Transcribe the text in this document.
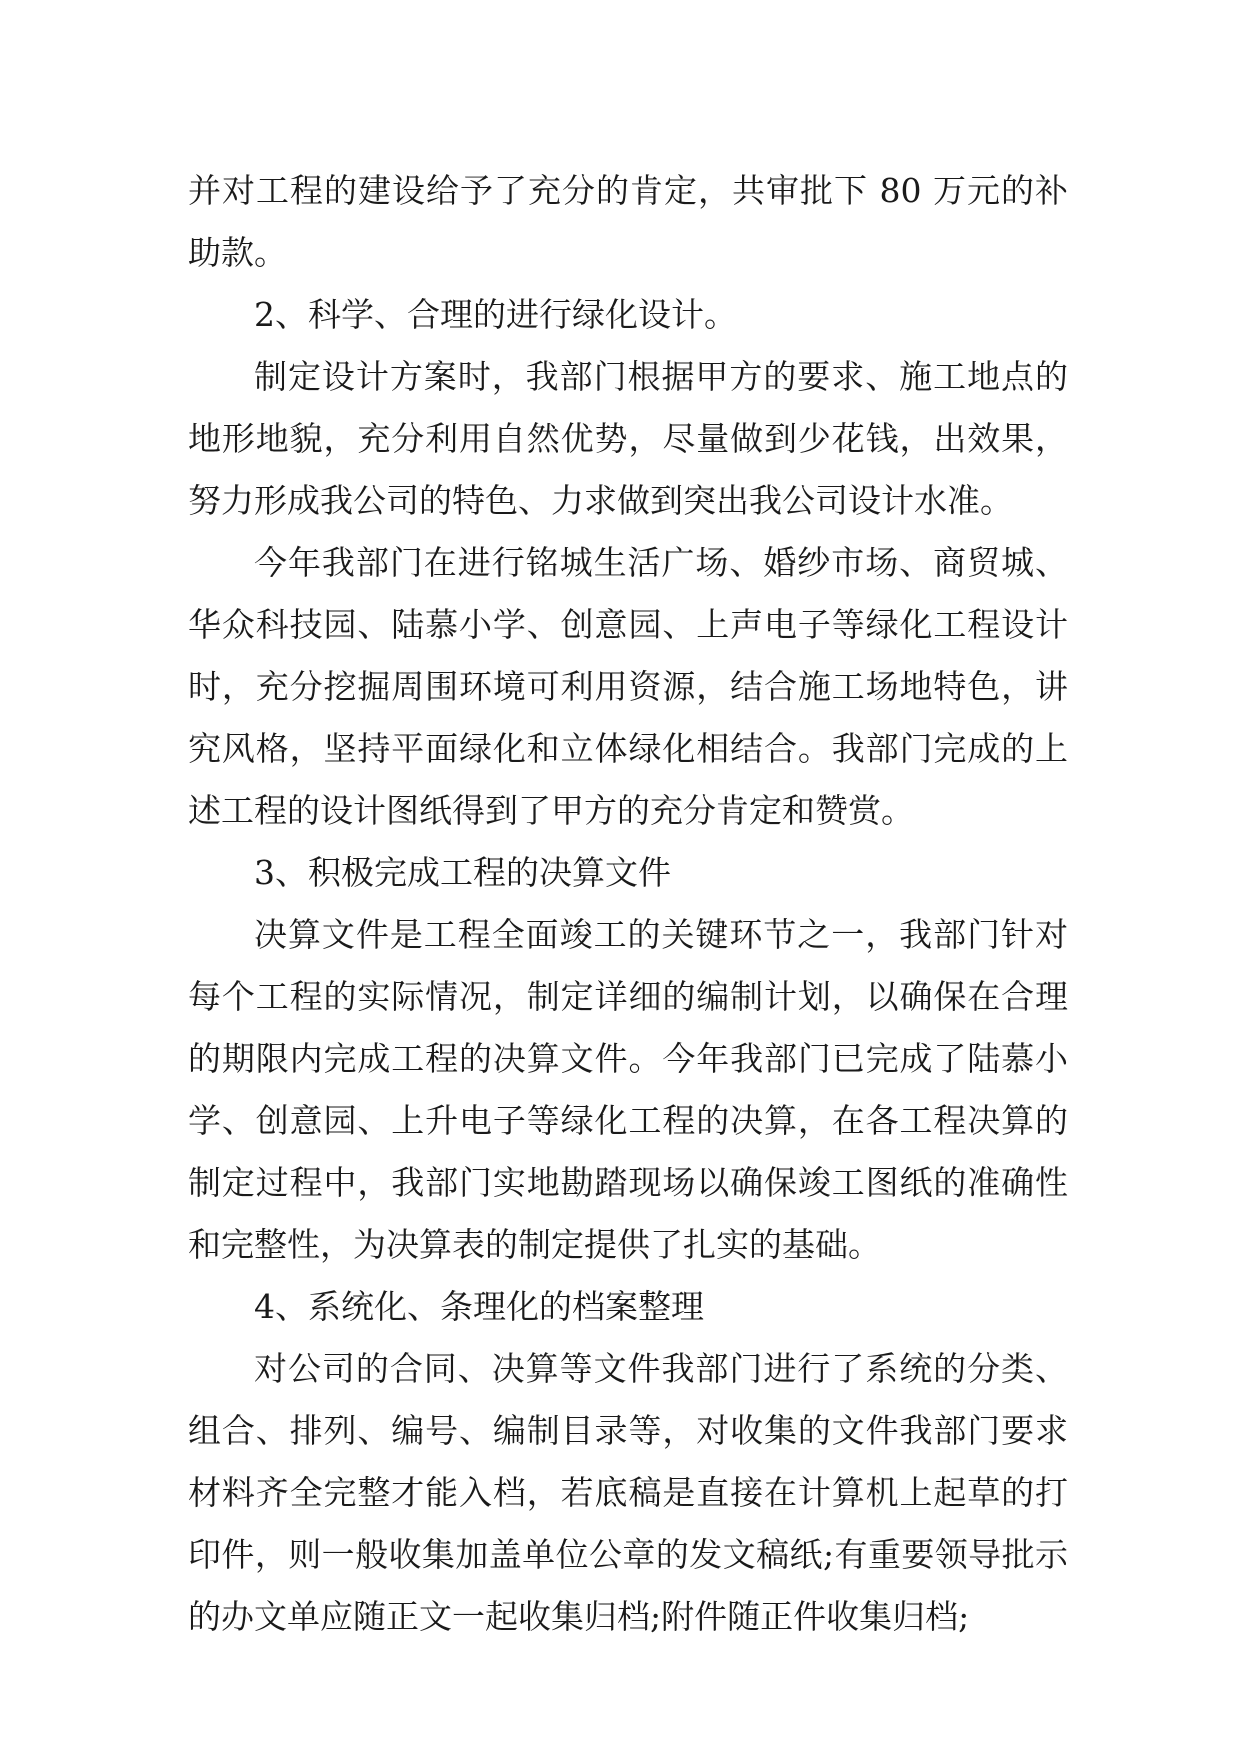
并对工程的建设给予了充分的肯定，共审批下 80 万元的补助款。

2、科学、合理的进行绿化设计。

制定设计方案时，我部门根据甲方的要求、施工地点的地形地貌，充分利用自然优势，尽量做到少花钱，出效果，努力形成我公司的特色、力求做到突出我公司设计水准。

今年我部门在进行铭城生活广场、婚纱市场、商贸城、华众科技园、陆慕小学、创意园、上声电子等绿化工程设计时，充分挖掘周围环境可利用资源，结合施工场地特色，讲究风格，坚持平面绿化和立体绿化相结合。我部门完成的上述工程的设计图纸得到了甲方的充分肯定和赞赏。

3、积极完成工程的决算文件

决算文件是工程全面竣工的关键环节之一，我部门针对每个工程的实际情况，制定详细的编制计划，以确保在合理的期限内完成工程的决算文件。今年我部门已完成了陆慕小学、创意园、上升电子等绿化工程的决算，在各工程决算的制定过程中，我部门实地勘踏现场以确保竣工图纸的准确性和完整性，为决算表的制定提供了扎实的基础。

4、系统化、条理化的档案整理

对公司的合同、决算等文件我部门进行了系统的分类、组合、排列、编号、编制目录等，对收集的文件我部门要求材料齐全完整才能入档，若底稿是直接在计算机上起草的打印件，则一般收集加盖单位公章的发文稿纸;有重要领导批示的办文单应随正文一起收集归档;附件随正件收集归档;
